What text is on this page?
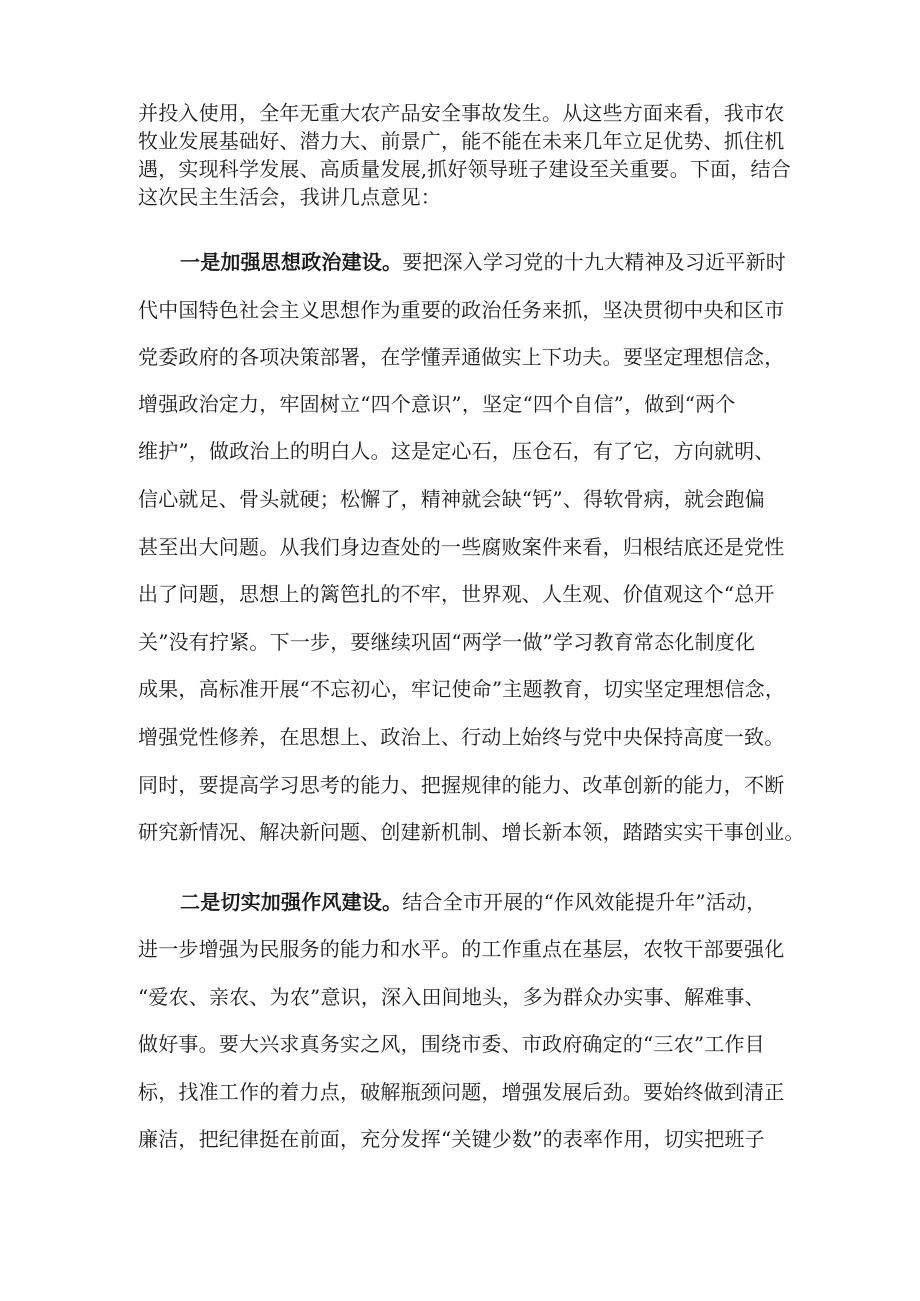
并投入使用，全年无重大农产品安全事故发生。从这些方面来看，我市农
牧业发展基础好、潜力大、前景广，能不能在未来几年立足优势、抓住机
遇，实现科学发展、高质量发展,抓好领导班子建设至关重要。下面，结合
这次民主生活会，我讲几点意见：
一是加强思想政治建设。要把深入学习党的十九大精神及习近平新时
代中国特色社会主义思想作为重要的政治任务来抓，坚决贯彻中央和区市
党委政府的各项决策部署，在学懂弄通做实上下功夫。要坚定理想信念，
增强政治定力，牢固树立“四个意识”，坚定“四个自信”，做到“两个
维护”，做政治上的明白人。这是定心石，压仓石，有了它，方向就明、
信心就足、骨头就硬；松懈了，精神就会缺“钙”、得软骨病，就会跑偏
甚至出大问题。从我们身边查处的一些腐败案件来看，归根结底还是党性
出了问题，思想上的篱笆扎的不牢，世界观、人生观、价值观这个“总开
关”没有拧紧。下一步，要继续巩固“两学一做”学习教育常态化制度化
成果，高标准开展“不忘初心，牢记使命”主题教育，切实坚定理想信念，
增强党性修养，在思想上、政治上、行动上始终与党中央保持高度一致。
同时，要提高学习思考的能力、把握规律的能力、改革创新的能力，不断
研究新情况、解决新问题、创建新机制、增长新本领，踏踏实实干事创业。
二是切实加强作风建设。结合全市开展的“作风效能提升年”活动，
进一步增强为民服务的能力和水平。的工作重点在基层，农牧干部要强化
“爱农、亲农、为农”意识，深入田间地头，多为群众办实事、解难事、
做好事。要大兴求真务实之风，围绕市委、市政府确定的“三农”工作目
标，找准工作的着力点，破解瓶颈问题，增强发展后劲。要始终做到清正
廉洁，把纪律挺在前面，充分发挥“关键少数”的表率作用，切实把班子
